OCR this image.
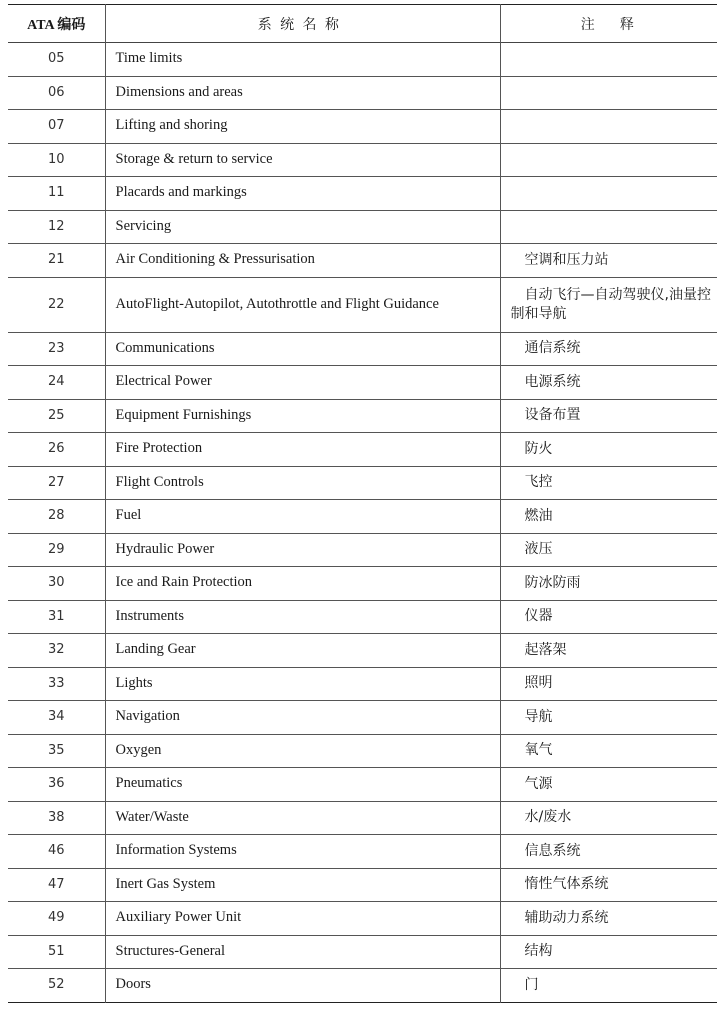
ATA 编码	系统名称	注释
05	Time limits	
06	Dimensions and areas	
07	Lifting and shoring	
10	Storage & return to service	
11	Placards and markings	
12	Servicing	
21	Air Conditioning & Pressurisation	空调和压力站
22	AutoFlight-Autopilot, Autothrottle and Flight Guidance	自动飞行—自动驾驶仪,油量控制和导航
23	Communications	通信系统
24	Electrical Power	电源系统
25	Equipment Furnishings	设备布置
26	Fire Protection	防火
27	Flight Controls	飞控
28	Fuel	燃油
29	Hydraulic Power	液压
30	Ice and Rain Protection	防冰防雨
31	Instruments	仪器
32	Landing Gear	起落架
33	Lights	照明
34	Navigation	导航
35	Oxygen	氧气
36	Pneumatics	气源
38	Water/Waste	水/废水
46	Information Systems	信息系统
47	Inert Gas System	惰性气体系统
49	Auxiliary Power Unit	辅助动力系统
51	Structures-General	结构
52	Doors	门
